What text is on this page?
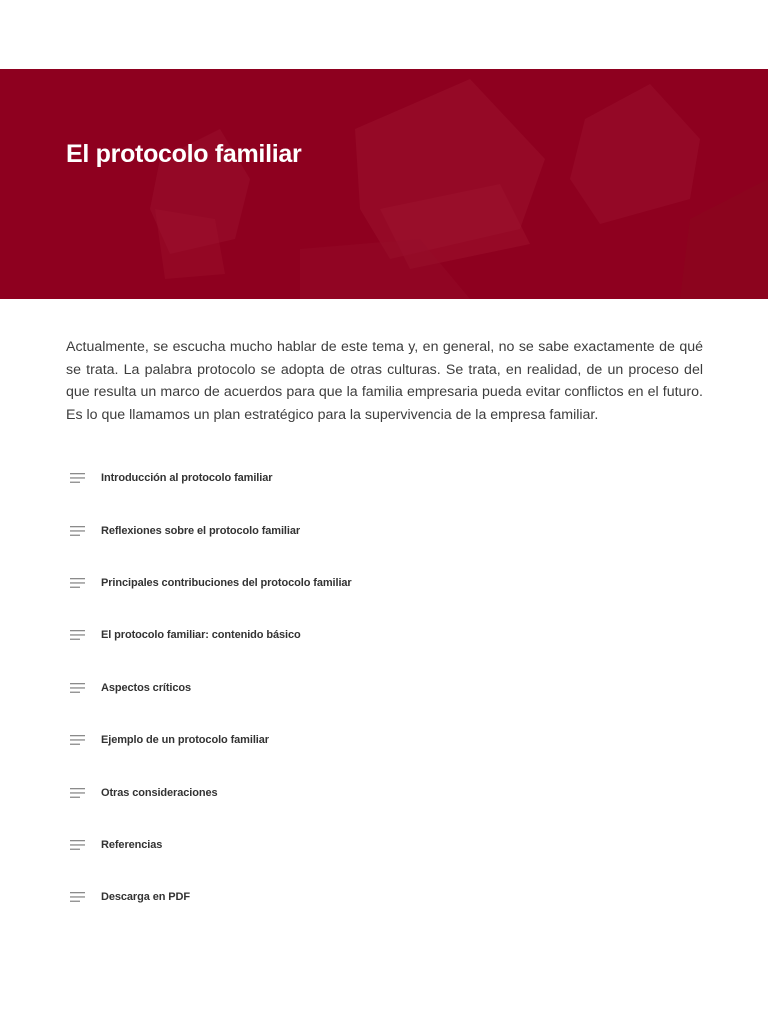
El protocolo familiar

Actualmente, se escucha mucho hablar de este tema y, en general, no se sabe exactamente de qué se trata. La palabra protocolo se adopta de otras culturas. Se trata, en realidad, de un proceso del que resulta un marco de acuerdos para que la familia empresaria pueda evitar conflictos en el futuro. Es lo que llamamos un plan estratégico para la supervivencia de la empresa familiar.

Introducción al protocolo familiar
Reflexiones sobre el protocolo familiar
Principales contribuciones del protocolo familiar
El protocolo familiar: contenido básico
Aspectos críticos
Ejemplo de un protocolo familiar
Otras consideraciones
Referencias
Descarga en PDF
